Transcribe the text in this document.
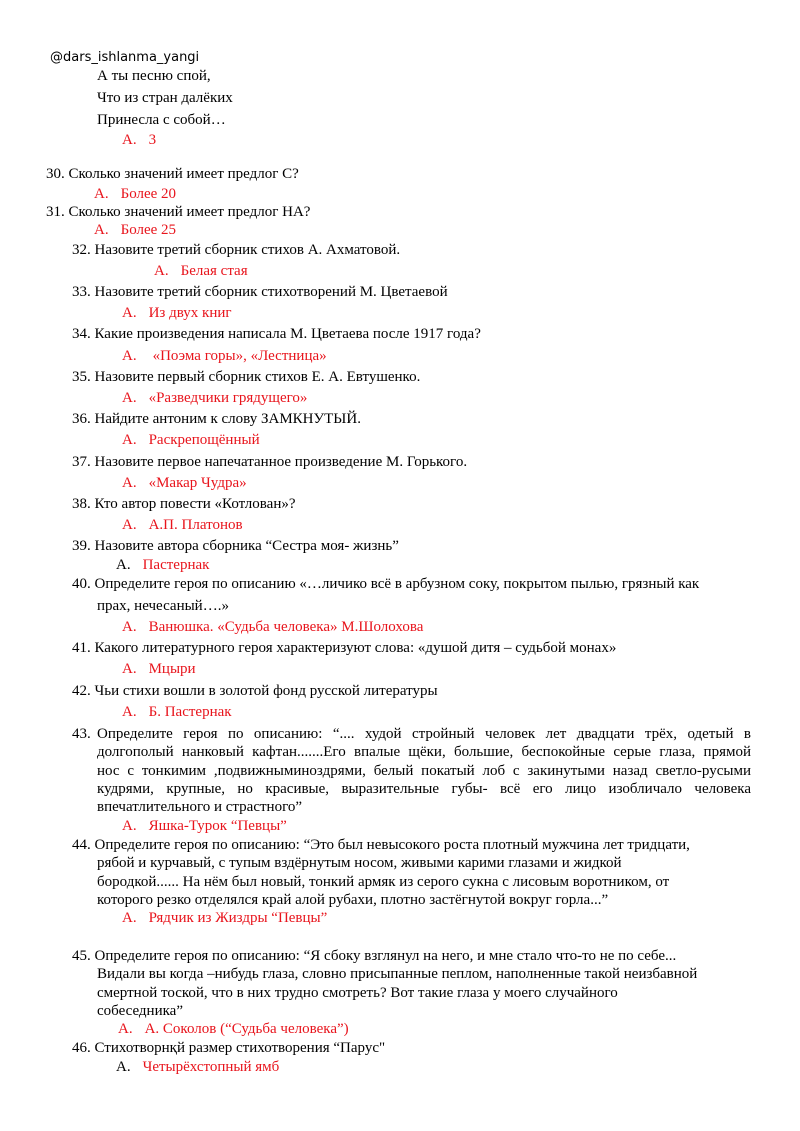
@dars_ishlanma_yangi
А ты песню спой,
Что из стран далёких
Принесла с собой…
A. 3
30. Сколько значений имеет предлог С?
A. Более 20
31. Сколько значений имеет предлог НА?
A. Более 25
32. Назовите третий сборник стихов А. Ахматовой.
A. Белая стая
33. Назовите третий сборник стихотворений М. Цветаевой
A. Из двух книг
34. Какие произведения написала М. Цветаева после 1917 года?
A. «Поэма горы», «Лестница»
35. Назовите первый сборник стихов Е. А. Евтушенко.
A. «Разведчики грядущего»
36. Найдите антоним к слову ЗАМКНУТЫЙ.
A. Раскрепощённый
37. Назовите первое напечатанное произведение М. Горького.
A. «Макар Чудра»
38. Кто автор повести «Котлован»?
A. А.П. Платонов
39. Назовите автора сборника “Сестра моя- жизнь”
A. Пастернак
40. Определите героя по описанию «…личико всё в арбузном соку, покрытом пылью, грязный как
прах, нечесаный….»
A. Ванюшка. «Судьба человека» М.Шолохова
41. Какого литературного героя характеризуют слова: «душой дитя – судьбой монах»
A. Мцыри
42. Чьи стихи вошли в золотой фонд русской литературы
A. Б. Пастернак
43. Определите героя по описанию: “.... худой стройный человек лет двадцати трёх, одетый в
долгополый нанковый кафтан.......Его впалые щёки, большие, беспокойные серые глаза, прямой
нос с тонкимим ,подвижныминоздрями, белый покатый лоб с закинутыми назад светло-русыми
кудрями, крупные, но красивые, выразительные губы- всё его лицо изобличало человека
впечатлительного и страстного”
A. Яшка-Турок “Певцы”
44. Определите героя по описанию: “Это был невысокого роста плотный мужчина лет тридцати,
рябой и курчавый, с тупым вздёрнутым носом, живыми карими глазами и жидкой
бородкой...... На нём был новый, тонкий армяк из серого сукна с лисовым воротником, от
которого резко отделялся край алой рубахи, плотно застёгнутой вокруг горла...”
A. Рядчик из Жиздры “Певцы”
45. Определите героя по описанию: “Я сбоку взглянул на него, и мне стало что-то не по себе...
Видали вы когда –нибудь глаза, словно присыпанные пеплом, наполненные такой неизбавной
смертной тоской, что в них трудно смотреть? Вот такие глаза у моего случайного
собеседника”
A. А. Соколов (“Судьба человека”)
46. Стихотворнқй размер стихотворения “Парус"
A. Четырёхстопный ямб
